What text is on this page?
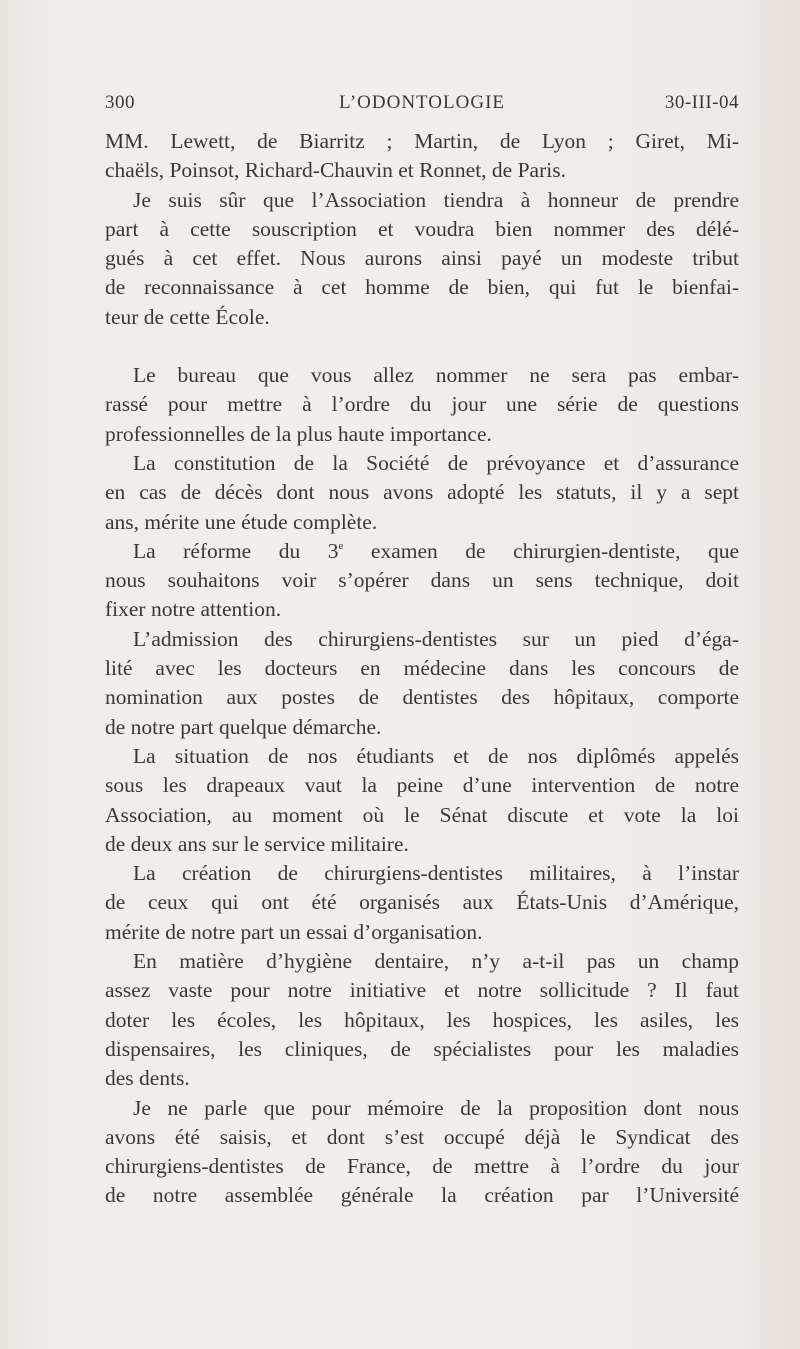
300	L’ODONTOLOGIE	30-III-04

MM. Lewett, de Biarritz ; Martin, de Lyon ; Giret, Mi-
chaëls, Poinsot, Richard-Chauvin et Ronnet, de Paris.

Je suis sûr que l’Association tiendra à honneur de prendre
part à cette souscription et voudra bien nommer des délé-
gués à cet effet. Nous aurons ainsi payé un modeste tribut
de reconnaissance à cet homme de bien, qui fut le bienfai-
teur de cette École.

Le bureau que vous allez nommer ne sera pas embar-
rassé pour mettre à l’ordre du jour une série de questions
professionnelles de la plus haute importance.

La constitution de la Société de prévoyance et d’assurance
en cas de décès dont nous avons adopté les statuts, il y a sept
ans, mérite une étude complète.

La réforme du 3e examen de chirurgien-dentiste, que
nous souhaitons voir s’opérer dans un sens technique, doit
fixer notre attention.

L’admission des chirurgiens-dentistes sur un pied d’éga-
lité avec les docteurs en médecine dans les concours de
nomination aux postes de dentistes des hôpitaux, comporte
de notre part quelque démarche.

La situation de nos étudiants et de nos diplômés appelés
sous les drapeaux vaut la peine d’une intervention de notre
Association, au moment où le Sénat discute et vote la loi
de deux ans sur le service militaire.

La création de chirurgiens-dentistes militaires, à l’instar
de ceux qui ont été organisés aux États-Unis d’Amérique,
mérite de notre part un essai d’organisation.

En matière d’hygiène dentaire, n’y a-t-il pas un champ
assez vaste pour notre initiative et notre sollicitude ? Il faut
doter les écoles, les hôpitaux, les hospices, les asiles, les
dispensaires, les cliniques, de spécialistes pour les maladies
des dents.

Je ne parle que pour mémoire de la proposition dont nous
avons été saisis, et dont s’est occupé déjà le Syndicat des
chirurgiens-dentistes de France, de mettre à l’ordre du jour
de notre assemblée générale la création par l’Université
